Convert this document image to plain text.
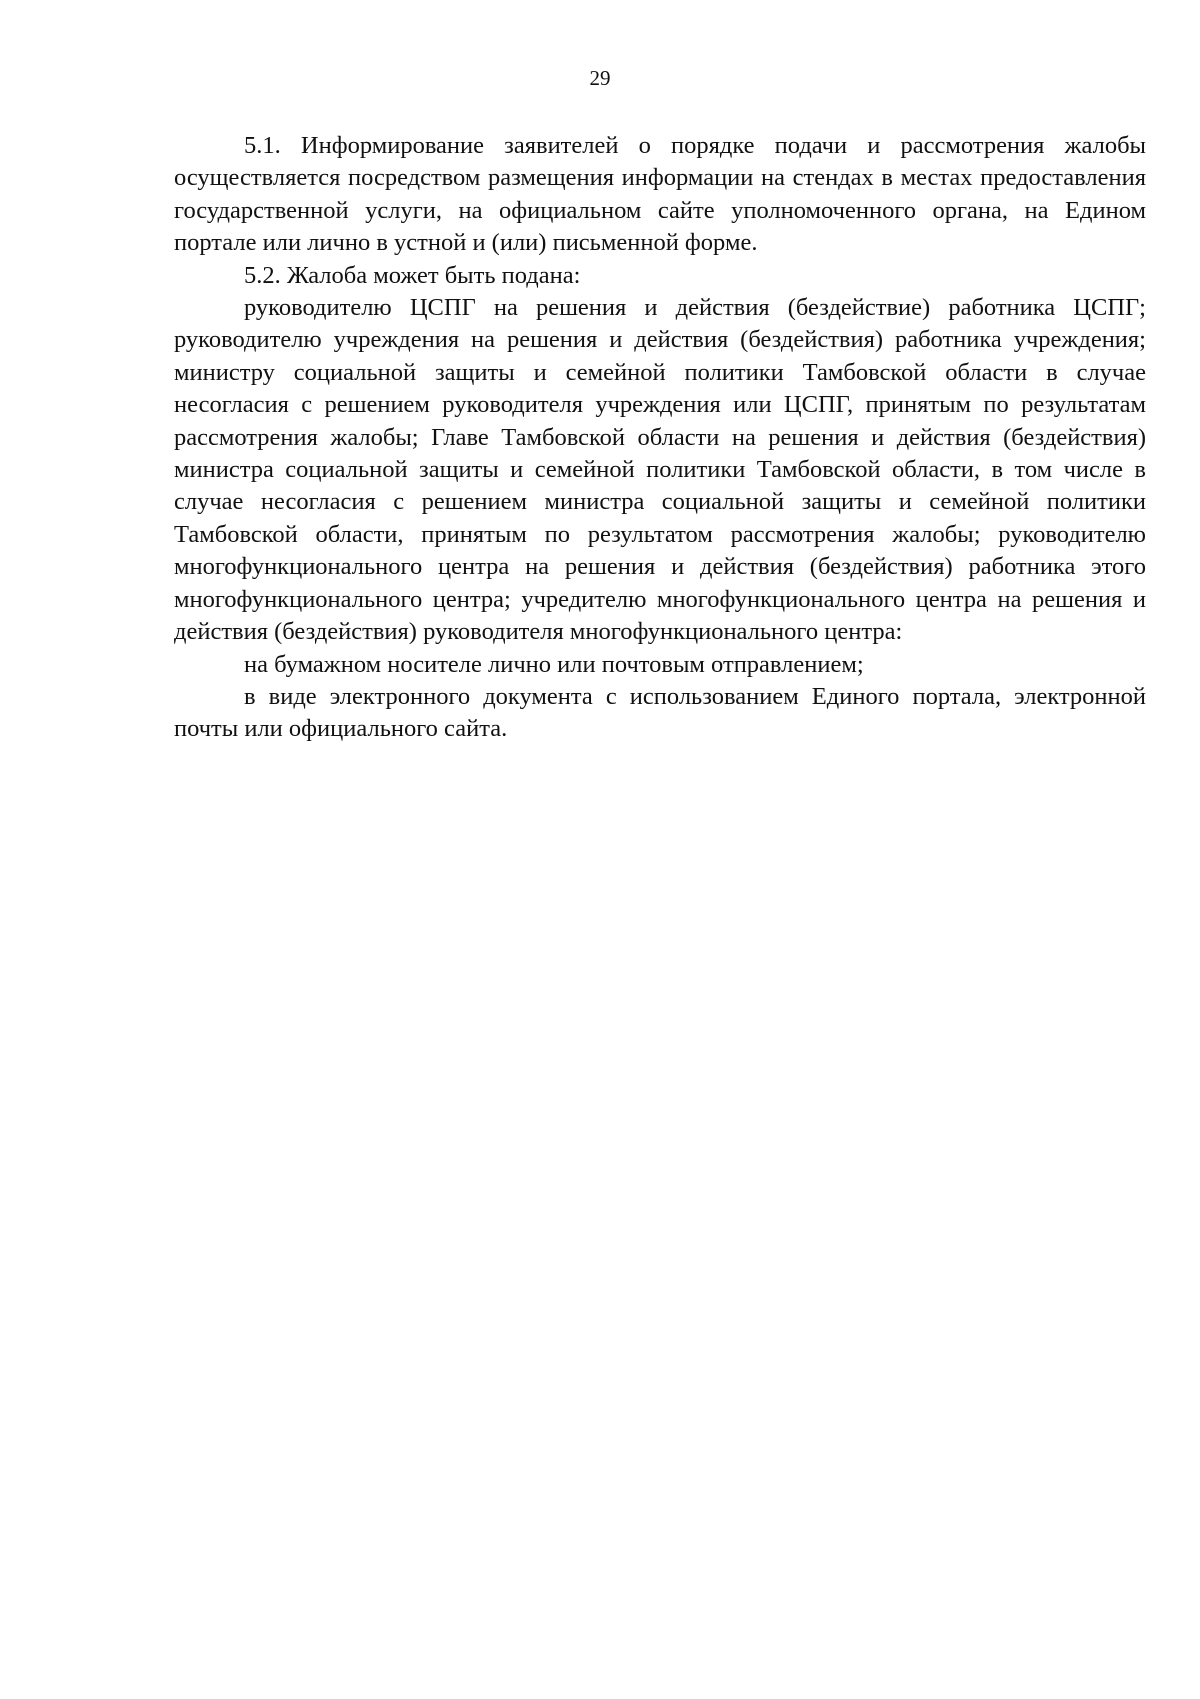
29

5.1. Информирование заявителей о порядке подачи и рассмотрения жалобы осуществляется посредством размещения информации на стендах в местах предоставления государственной услуги, на официальном сайте уполномоченного органа, на Едином портале или лично в устной и (или) письменной форме.

5.2. Жалоба может быть подана:

руководителю ЦСПГ на решения и действия (бездействие) работника ЦСПГ; руководителю учреждения на решения и действия (бездействия) работника учреждения; министру социальной защиты и семейной политики Тамбовской области в случае несогласия с решением руководителя учреждения или ЦСПГ, принятым по результатам рассмотрения жалобы; Главе Тамбовской области на решения и действия (бездействия) министра социальной защиты и семейной политики Тамбовской области, в том числе в случае несогласия с решением министра социальной защиты и семейной политики Тамбовской области, принятым по результатом рассмотрения жалобы; руководителю многофункционального центра на решения и действия (бездействия) работника этого многофункционального центра; учредителю многофункционального центра на решения и действия (бездействия) руководителя многофункционального центра:

на бумажном носителе лично или почтовым отправлением;

в виде электронного документа с использованием Единого портала, электронной почты или официального сайта.
